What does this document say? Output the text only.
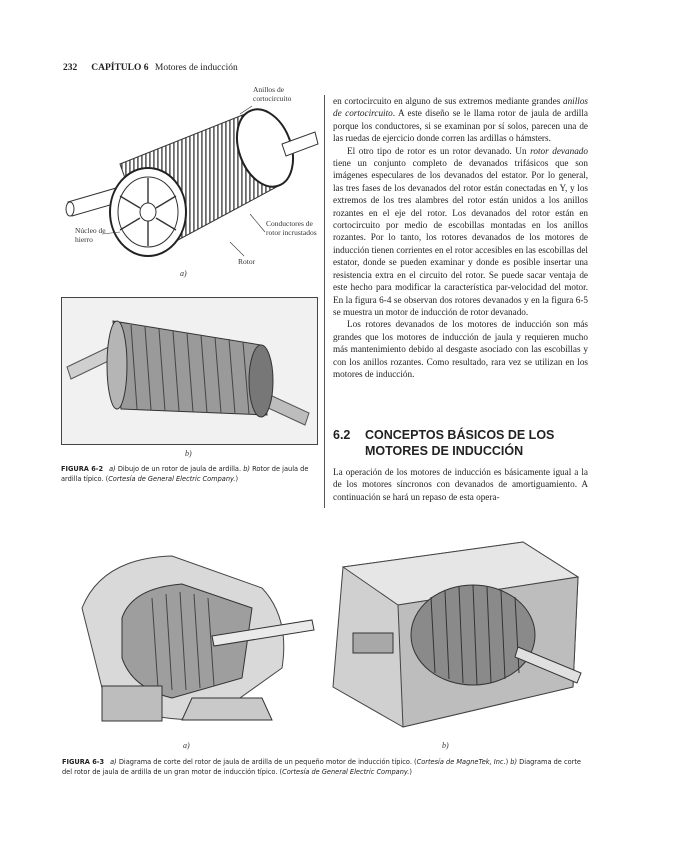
232 CAPÍTULO 6 Motores de inducción
Anillos de cortocircuito
Núcleo de hierro
Conductores de rotor incrustados
Rotor
a)
b)
FIGURA 6-2 a) Dibujo de un rotor de jaula de ardilla. b) Rotor de jaula de ardilla típico. (Cortesía de General Electric Company.)

en cortocircuito en alguno de sus extremos mediante grandes anillos de cortocircuito. A este diseño se le llama rotor de jaula de ardilla porque los conductores, si se examinan por sí solos, parecen una de las ruedas de ejercicio donde corren las ardillas o hámsters.

El otro tipo de rotor es un rotor devanado. Un rotor devanado tiene un conjunto completo de devanados trifásicos que son imágenes especulares de los devanados del estator. Por lo general, las tres fases de los devanados del rotor están conectadas en Y, y los extremos de los tres alambres del rotor están unidos a los anillos rozantes en el eje del rotor. Los devanados del rotor están en cortocircuito por medio de escobillas montadas en los anillos rozantes. Por lo tanto, los rotores devanados de los motores de inducción tienen corrientes en el rotor accesibles en las escobillas del estator, donde se pueden examinar y donde es posible insertar una resistencia extra en el circuito del rotor. Se puede sacar ventaja de este hecho para modificar la característica par-velocidad del motor. En la figura 6-4 se observan dos rotores devanados y en la figura 6-5 se muestra un motor de inducción de rotor devanado.

Los rotores devanados de los motores de inducción son más grandes que los motores de inducción de jaula y requieren mucho más mantenimiento debido al desgaste asociado con las escobillas y con los anillos rozantes. Como resultado, rara vez se utilizan en los motores de inducción.

6.2 CONCEPTOS BÁSICOS DE LOS MOTORES DE INDUCCIÓN
La operación de los motores de inducción es básicamente igual a la de los motores síncronos con devanados de amortiguamiento. A continuación se hará un repaso de esta opera-
a)	b)
FIGURA 6-3 a) Diagrama de corte del rotor de jaula de ardilla de un pequeño motor de inducción típico. (Cortesía de MagneTek, Inc.) b) Diagrama de corte del rotor de jaula de ardilla de un gran motor de inducción típico. (Cortesía de General Electric Company.)
